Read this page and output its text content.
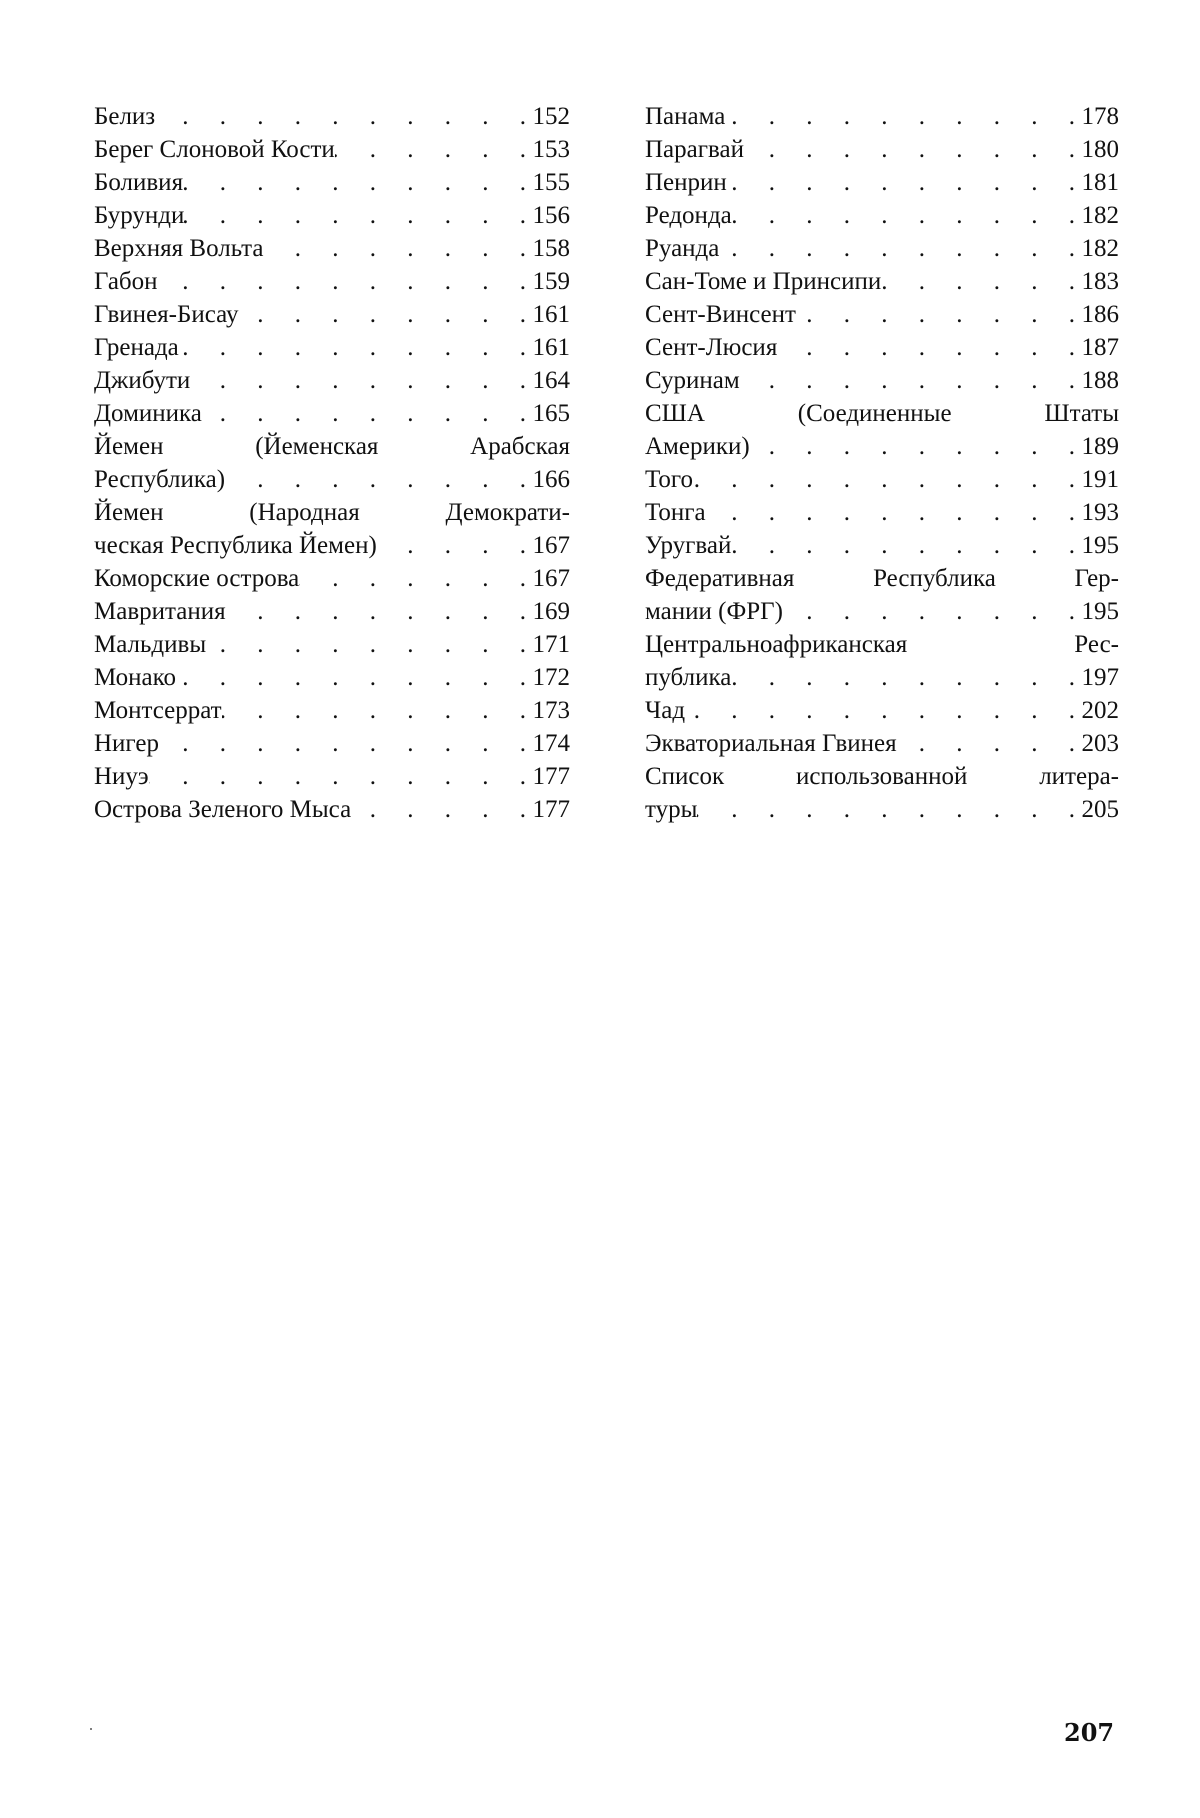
Белиз
.	152
Берег Слоновой Кости
.	153
Боливия
.	155
Бурунди
.	156
Верхняя Вольта
.	158
Габон
.	159
Гвинея-Бисау
.	161
Гренада
.	161
Джибути
.	164
Доминика
.	165
Йемен (Йеменская Арабская
Республика)
.	166
Йемен (Народная Демократи-
ческая Республика Йемен)
.	167
Коморские острова
.	167
Мавритания
.	169
Мальдивы
.	171
Монако
.	172
Монтсеррат
.	173
Нигер
.	174
Ниуэ
.	177
Острова Зеленого Мыса
.	177
Панама
.	178
Парагвай
.	180
Пенрин
.	181
Редонда
.	182
Руанда
.	182
Сан-Томе и Принсипи
.	183
Сент-Винсент
.	186
Сент-Люсия
.	187
Суринам
.	188
США (Соединенные Штаты
Америки)
.	189
Того
.	191
Тонга
.	193
Уругвай
.	195
Федеративная Республика Гер-
мании (ФРГ)
.	195
Центральноафриканская Рес-
публика
.	197
Чад
.	202
Экваториальная Гвинея
.	203
Список использованной литера-
туры
.	205
207
